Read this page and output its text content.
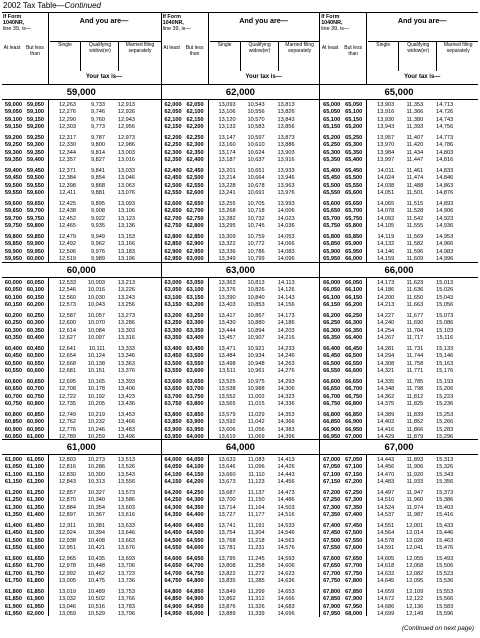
2002 Tax Table—Continued
If Form
1040NR,
line 39, is—
And you are—
At least	But less than
Single	Qualifying widow(er)
Married filing separately
Your tax is—
59,000
59,000 59,050	12,263	9,733	12,913
59,050 59,100	12,276	9,746	12,926
59,100 59,150	12,290	9,760	12,943
59,150 59,200	12,303	9,773	12,956
59,200 59,250	12,317	9,787	12,973
59,250 59,300	12,330	9,800	12,986
59,300 59,350	12,344	9,814	13,003
59,350 59,400	12,357	9,827	13,016
59,400 59,450	12,371	9,841	13,033
59,450 59,500	12,384	9,854	13,046
59,500 59,550	12,398	9,868	13,063
59,550 59,600	12,411	9,881	13,076
59,600 59,650	12,425	9,895	13,093
59,650 59,700	12,438	9,908	13,106
59,700 59,750	12,452	9,922	13,123
59,750 59,800	12,465	9,935	13,136
59,800 59,850	12,479	9,949	13,153
59,850 59,900	12,492	9,962	13,166
59,900 59,950	12,506	9,976	13,183
59,950 60,000	12,519	9,989	13,196
60,000
60,000 60,050	12,533	10,003	13,213
60,050 60,100	12,546	10,016	13,226
60,100 60,150	12,560	10,030	13,243
60,150 60,200	12,573	10,043	13,256
60,200 60,250	12,587	10,057	13,273
60,250 60,300	12,600	10,070	13,286
60,300 60,350	12,614	10,084	13,303
60,350 60,400	12,627	10,097	13,316
60,400 60,450	12,641	10,111	13,333
60,450 60,500	12,654	10,124	13,346
60,500 60,550	12,668	10,138	13,363
60,550 60,600	12,681	10,151	13,376
60,600 60,650	12,695	10,165	13,393
60,650 60,700	12,708	10,178	13,406
60,700 60,750	12,722	10,192	13,423
60,750 60,800	12,735	10,205	13,436
60,800 60,850	12,749	10,219	13,453
60,850 60,900	12,762	10,232	13,466
60,900 60,950	12,776	10,246	13,483
60,950 61,000	12,789	10,259	13,496
61,000
61,000 61,050	12,803	10,273	13,513
61,050 61,100	12,816	10,286	13,526
61,100 61,150	12,830	10,300	13,543
61,150 61,200	12,843	10,313	13,556
61,200 61,250	12,857	10,327	13,573
61,250 61,300	12,870	10,340	13,586
61,300 61,350	12,884	10,354	13,603
61,350 61,400	12,897	10,367	13,616
61,400 61,450	12,911	10,381	13,633
61,450 61,500	12,924	10,394	13,646
61,500 61,550	12,938	10,408	13,663
61,550 61,600	12,951	10,421	13,676
61,600 61,650	12,965	10,435	13,693
61,650 61,700	12,978	10,448	13,706
61,700 61,750	12,992	10,462	13,723
61,750 61,800	13,005	10,475	13,736
61,800 61,850	13,019	10,489	13,753
61,850 61,900	13,032	10,502	13,766
61,900 61,950	13,046	10,516	13,783
61,950 62,000	13,059	10,529	13,796
If Form
1040NR,
line 39, is—
And you are—
At least	But less than
Single	Qualifying widow(er)
Married filing separately
Your tax is—
62,000
62,000 62,050	13,093	10,543	13,813
62,050 62,100	13,106	10,556	13,826
62,100 62,150	13,120	10,570	13,843
62,150 62,200	13,133	10,583	13,856
62,200 62,250	13,147	10,597	13,873
62,250 62,300	13,160	10,610	13,886
62,300 62,350	13,174	10,624	13,903
62,350 62,400	13,187	10,637	13,916
62,400 62,450	13,201	10,651	13,933
62,450 62,500	13,214	10,664	13,946
62,500 62,550	13,228	10,678	13,963
62,550 62,600	13,241	10,691	13,976
62,600 62,650	13,255	10,705	13,993
62,650 62,700	13,268	10,718	14,006
62,700 62,750	13,282	10,732	14,023
62,750 62,800	13,295	10,745	14,036
62,800 62,850	13,309	10,759	14,053
62,850 62,900	13,322	10,772	14,066
62,900 62,950	13,336	10,786	14,083
62,950 63,000	13,349	10,799	14,096
63,000
63,000 63,050	13,363	10,813	14,113
63,050 63,100	13,376	10,826	14,126
63,100 63,150	13,390	10,840	14,143
63,150 63,200	13,403	10,853	14,156
63,200 63,250	13,417	10,867	14,173
63,250 63,300	13,430	10,880	14,186
63,300 63,350	13,444	10,894	14,203
63,350 63,400	13,457	10,907	14,216
63,400 63,450	13,471	10,921	14,233
63,450 63,500	13,484	10,934	14,246
63,500 63,550	13,498	10,948	14,263
63,550 63,600	13,511	10,961	14,276
63,600 63,650	13,525	10,975	14,293
63,650 63,700	13,538	10,988	14,306
63,700 63,750	13,552	11,002	14,323
63,750 63,800	13,565	11,015	14,336
63,800 63,850	13,579	11,029	14,353
63,850 63,900	13,592	11,042	14,366
63,900 63,950	13,606	11,056	14,383
63,950 64,000	13,619	11,069	14,396
64,000
64,000 64,050	13,633	11,083	14,413
64,050 64,100	13,646	11,096	14,426
64,100 64,150	13,660	11,110	14,443
64,150 64,200	13,673	11,123	14,456
64,200 64,250	13,687	11,137	14,473
64,250 64,300	13,700	11,150	14,486
64,300 64,350	13,714	11,164	14,503
64,350 64,400	13,727	11,177	14,516
64,400 64,450	13,741	11,191	14,533
64,450 64,500	13,754	11,204	14,546
64,500 64,550	13,768	11,218	14,563
64,550 64,600	13,781	11,231	14,576
64,600 64,650	13,795	11,245	14,593
64,650 64,700	13,808	11,258	14,606
64,700 64,750	13,822	11,272	14,623
64,750 64,800	13,835	11,285	14,636
64,800 64,850	13,849	11,299	14,653
64,850 64,900	13,862	11,312	14,666
64,900 64,950	13,876	11,326	14,683
64,950 65,000	13,889	11,339	14,696
If Form
1040NR,
line 39, is—
And you are—
At least	But less than
Single	Qualifying widow(er)
Married filing separately
Your tax is—
65,000
65,000 65,050	13,903	11,353	14,713
65,050 65,100	13,916	11,366	14,726
65,100 65,150	13,930	11,380	14,743
65,150 65,200	13,943	11,393	14,756
65,200 65,250	13,957	11,407	14,773
65,250 65,300	13,970	11,420	14,786
65,300 65,350	13,984	11,434	14,803
65,350 65,400	13,997	11,447	14,816
65,400 65,450	14,011	11,461	14,833
65,450 65,500	14,024	11,474	14,846
65,500 65,550	14,038	11,488	14,863
65,550 65,600	14,051	11,501	14,876
65,600 65,650	14,065	11,515	14,893
65,650 65,700	14,078	11,528	14,906
65,700 65,750	14,092	11,542	14,923
65,750 65,800	14,105	11,555	14,936
65,800 65,850	14,119	11,569	14,953
65,850 65,900	14,132	11,582	14,966
65,900 65,950	14,146	11,596	14,983
65,950 66,000	14,159	11,609	14,996
66,000
66,000 66,050	14,173	11,623	15,013
66,050 66,100	14,186	11,636	15,026
66,100 66,150	14,200	11,650	15,043
66,150 66,200	14,213	11,663	15,056
66,200 66,250	14,227	11,677	15,073
66,250 66,300	14,240	11,690	15,086
66,300 66,350	14,254	11,704	15,103
66,350 66,400	14,267	11,717	15,116
66,400 66,450	14,281	11,731	15,133
66,450 66,500	14,294	11,744	15,146
66,500 66,550	14,308	11,758	15,163
66,550 66,600	14,321	11,771	15,176
66,600 66,650	14,335	11,785	15,193
66,650 66,700	14,348	11,798	15,206
66,700 66,750	14,362	11,812	15,223
66,750 66,800	14,375	11,825	15,236
66,800 66,850	14,389	11,839	15,253
66,850 66,900	14,402	11,852	15,266
66,900 66,950	14,416	11,866	15,283
66,950 67,000	14,429	11,879	15,296
67,000
67,000 67,050	14,443	11,893	15,313
67,050 67,100	14,456	11,906	15,326
67,100 67,150	14,470	11,920	15,343
67,150 67,200	14,483	11,933	15,356
67,200 67,250	14,497	11,947	15,373
67,250 67,300	14,510	11,960	15,386
67,300 67,350	14,524	11,974	15,403
67,350 67,400	14,537	11,987	15,416
67,400 67,450	14,551	12,001	15,433
67,450 67,500	14,564	12,014	15,446
67,500 67,550	14,578	12,028	15,463
67,550 67,600	14,591	12,041	15,476
67,600 67,650	14,605	12,055	15,493
67,650 67,700	14,618	12,068	15,506
67,700 67,750	14,632	12,082	15,523
67,750 67,800	14,645	12,095	15,536
67,800 67,850	14,659	12,109	15,553
67,850 67,900	14,672	12,122	15,566
67,900 67,950	14,686	12,136	15,583
67,950 68,000	14,699	12,149	15,596
(Continued on next page)
